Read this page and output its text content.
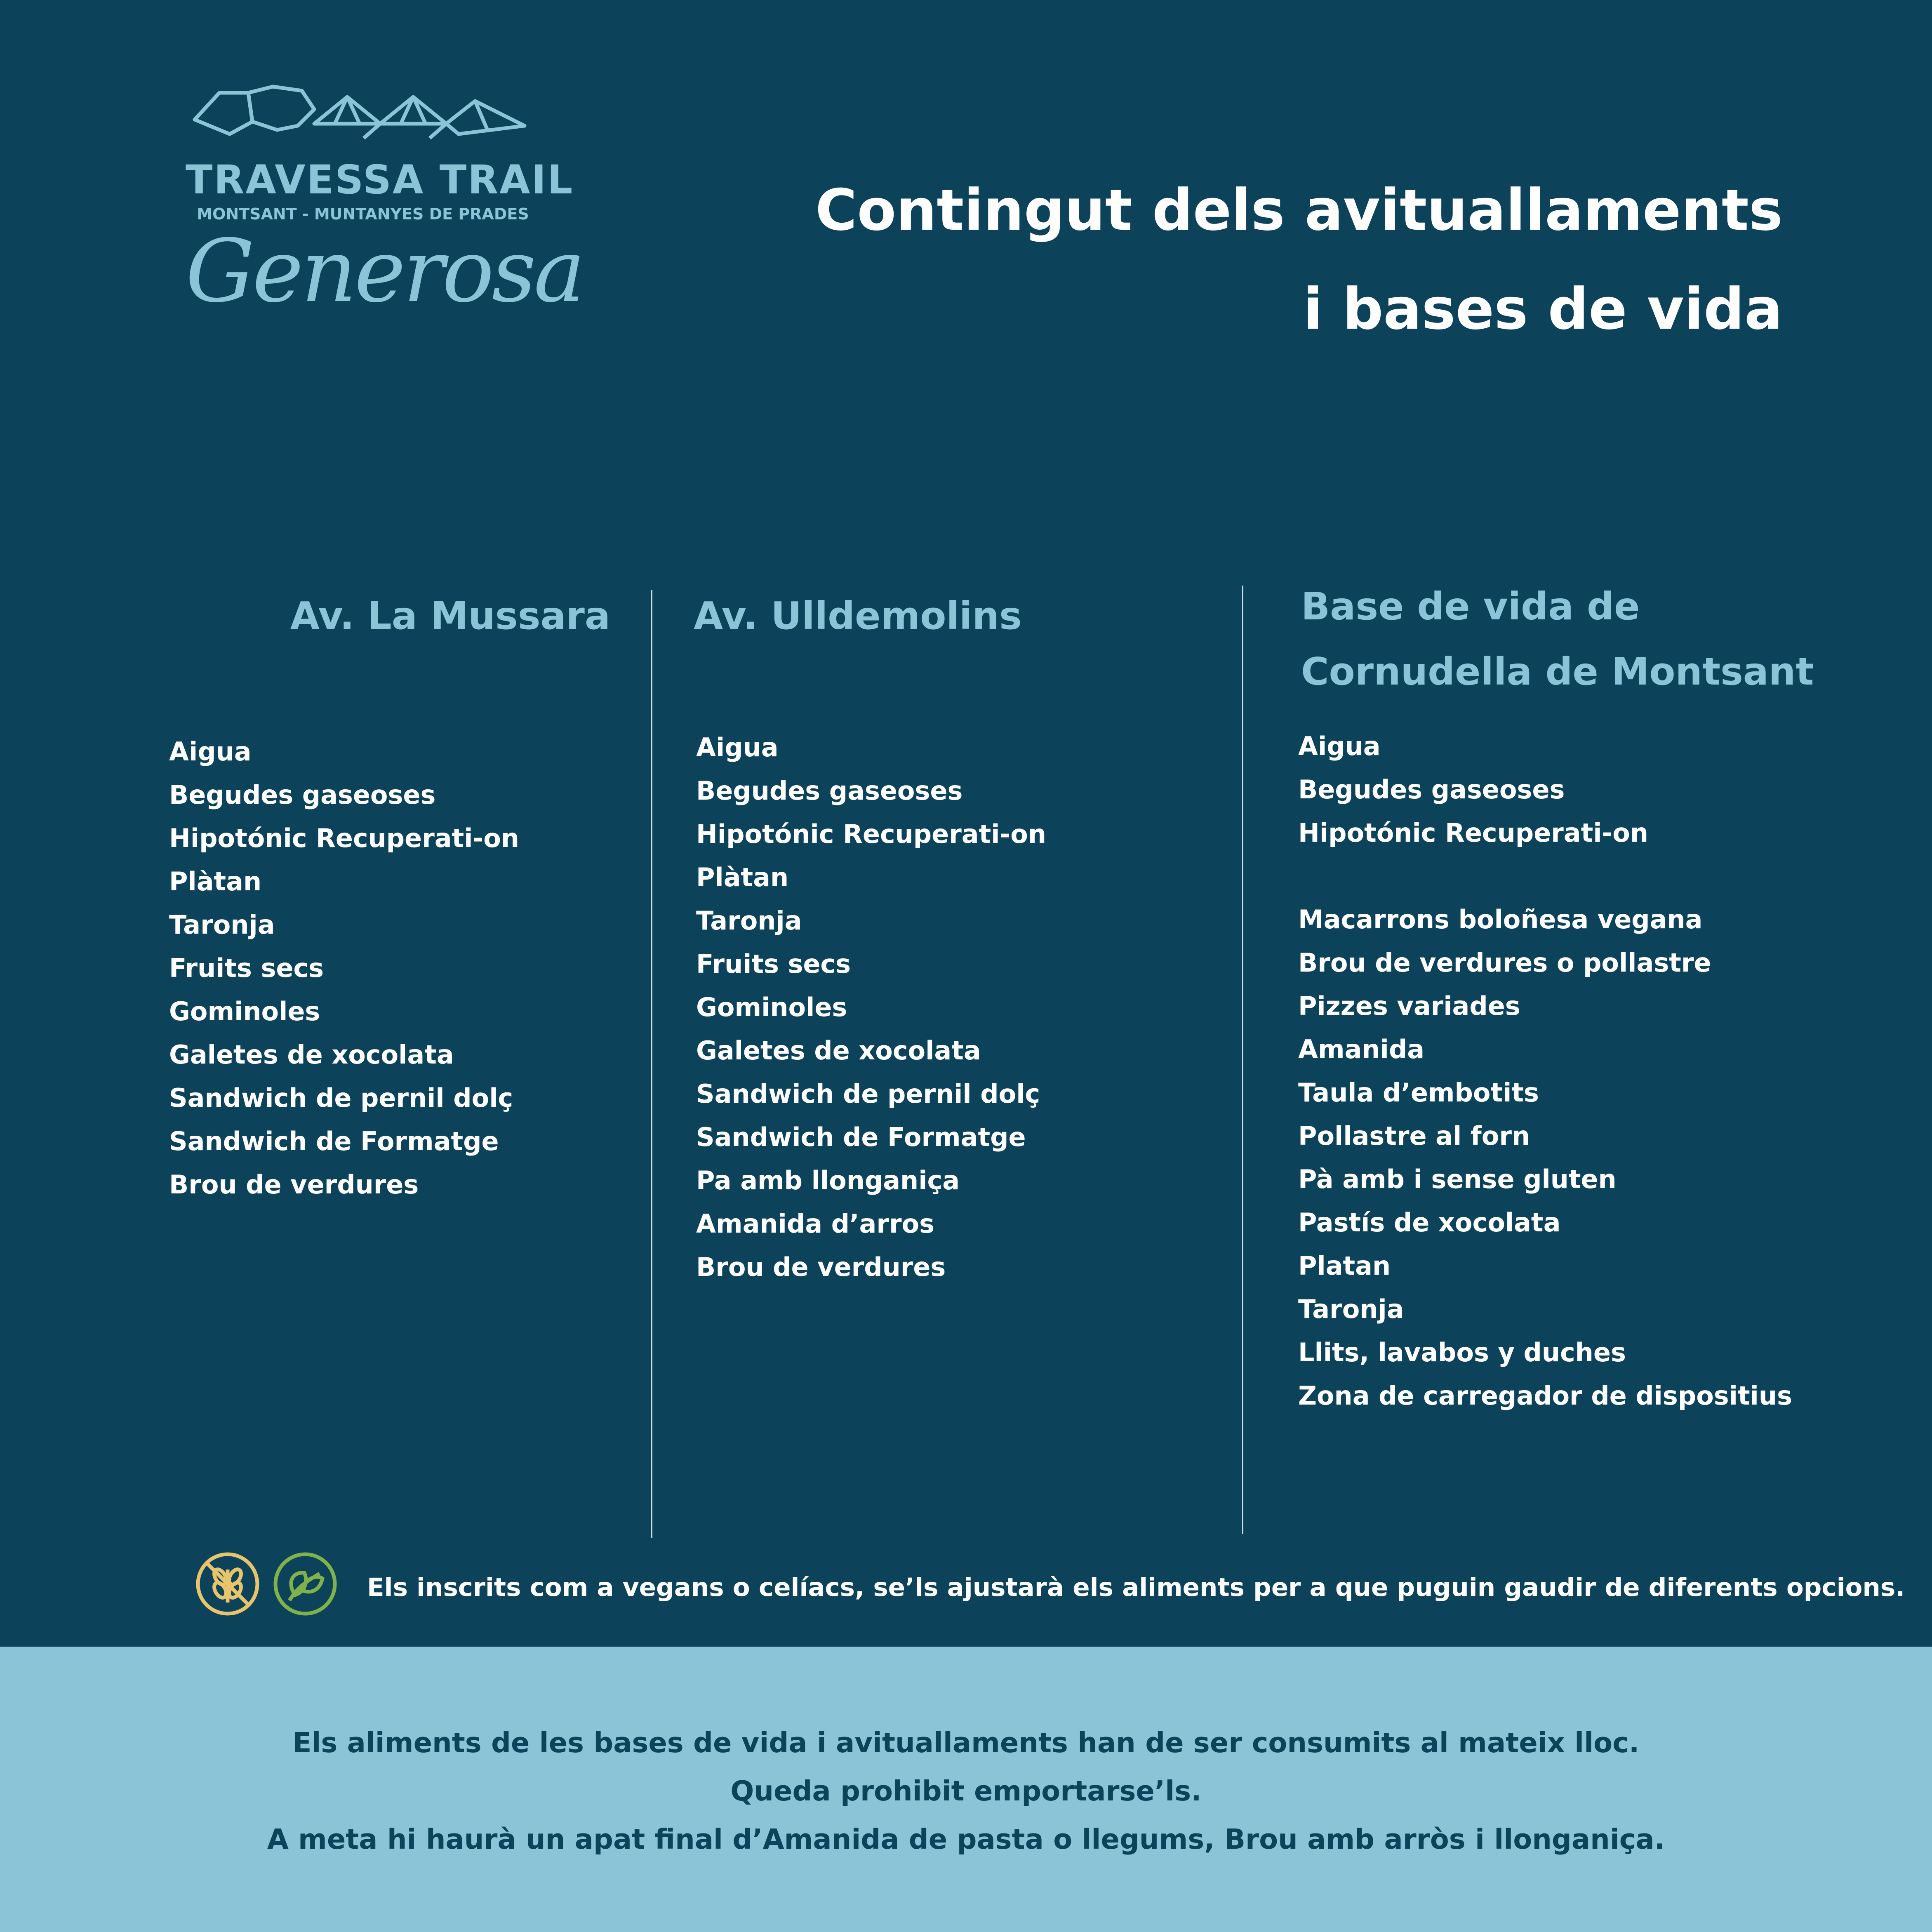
TRAVESSA TRAIL
MONTSANT - MUNTANYES DE PRADES
Generosa
Contingut dels avituallaments
i bases de vida
Av. La Mussara
Aigua
Begudes gaseoses
Hipotónic Recuperati-on
Plàtan
Taronja
Fruits secs
Gominoles
Galetes de xocolata
Sandwich de pernil dolç
Sandwich de Formatge
Brou de verdures
Av. Ulldemolins
Aigua
Begudes gaseoses
Hipotónic Recuperati-on
Plàtan
Taronja
Fruits secs
Gominoles
Galetes de xocolata
Sandwich de pernil dolç
Sandwich de Formatge
Pa amb llonganiça
Amanida d’arros
Brou de verdures
Base de vida de
Cornudella de Montsant
Aigua
Begudes gaseoses
Hipotónic Recuperati-on
Macarrons boloñesa vegana
Brou de verdures o pollastre
Pizzes variades
Amanida
Taula d’embotits
Pollastre al forn
Pà amb i sense gluten
Pastís de xocolata
Platan
Taronja
Llits, lavabos y duches
Zona de carregador de dispositius
Els inscrits com a vegans o celíacs, se’ls ajustarà els aliments per a que puguin gaudir de diferents opcions.
Els aliments de les bases de vida i avituallaments han de ser consumits al mateix lloc.
Queda prohibit emportarse’ls.
A meta hi haurà un apat final d’Amanida de pasta o llegums, Brou amb arròs i llonganiça.
